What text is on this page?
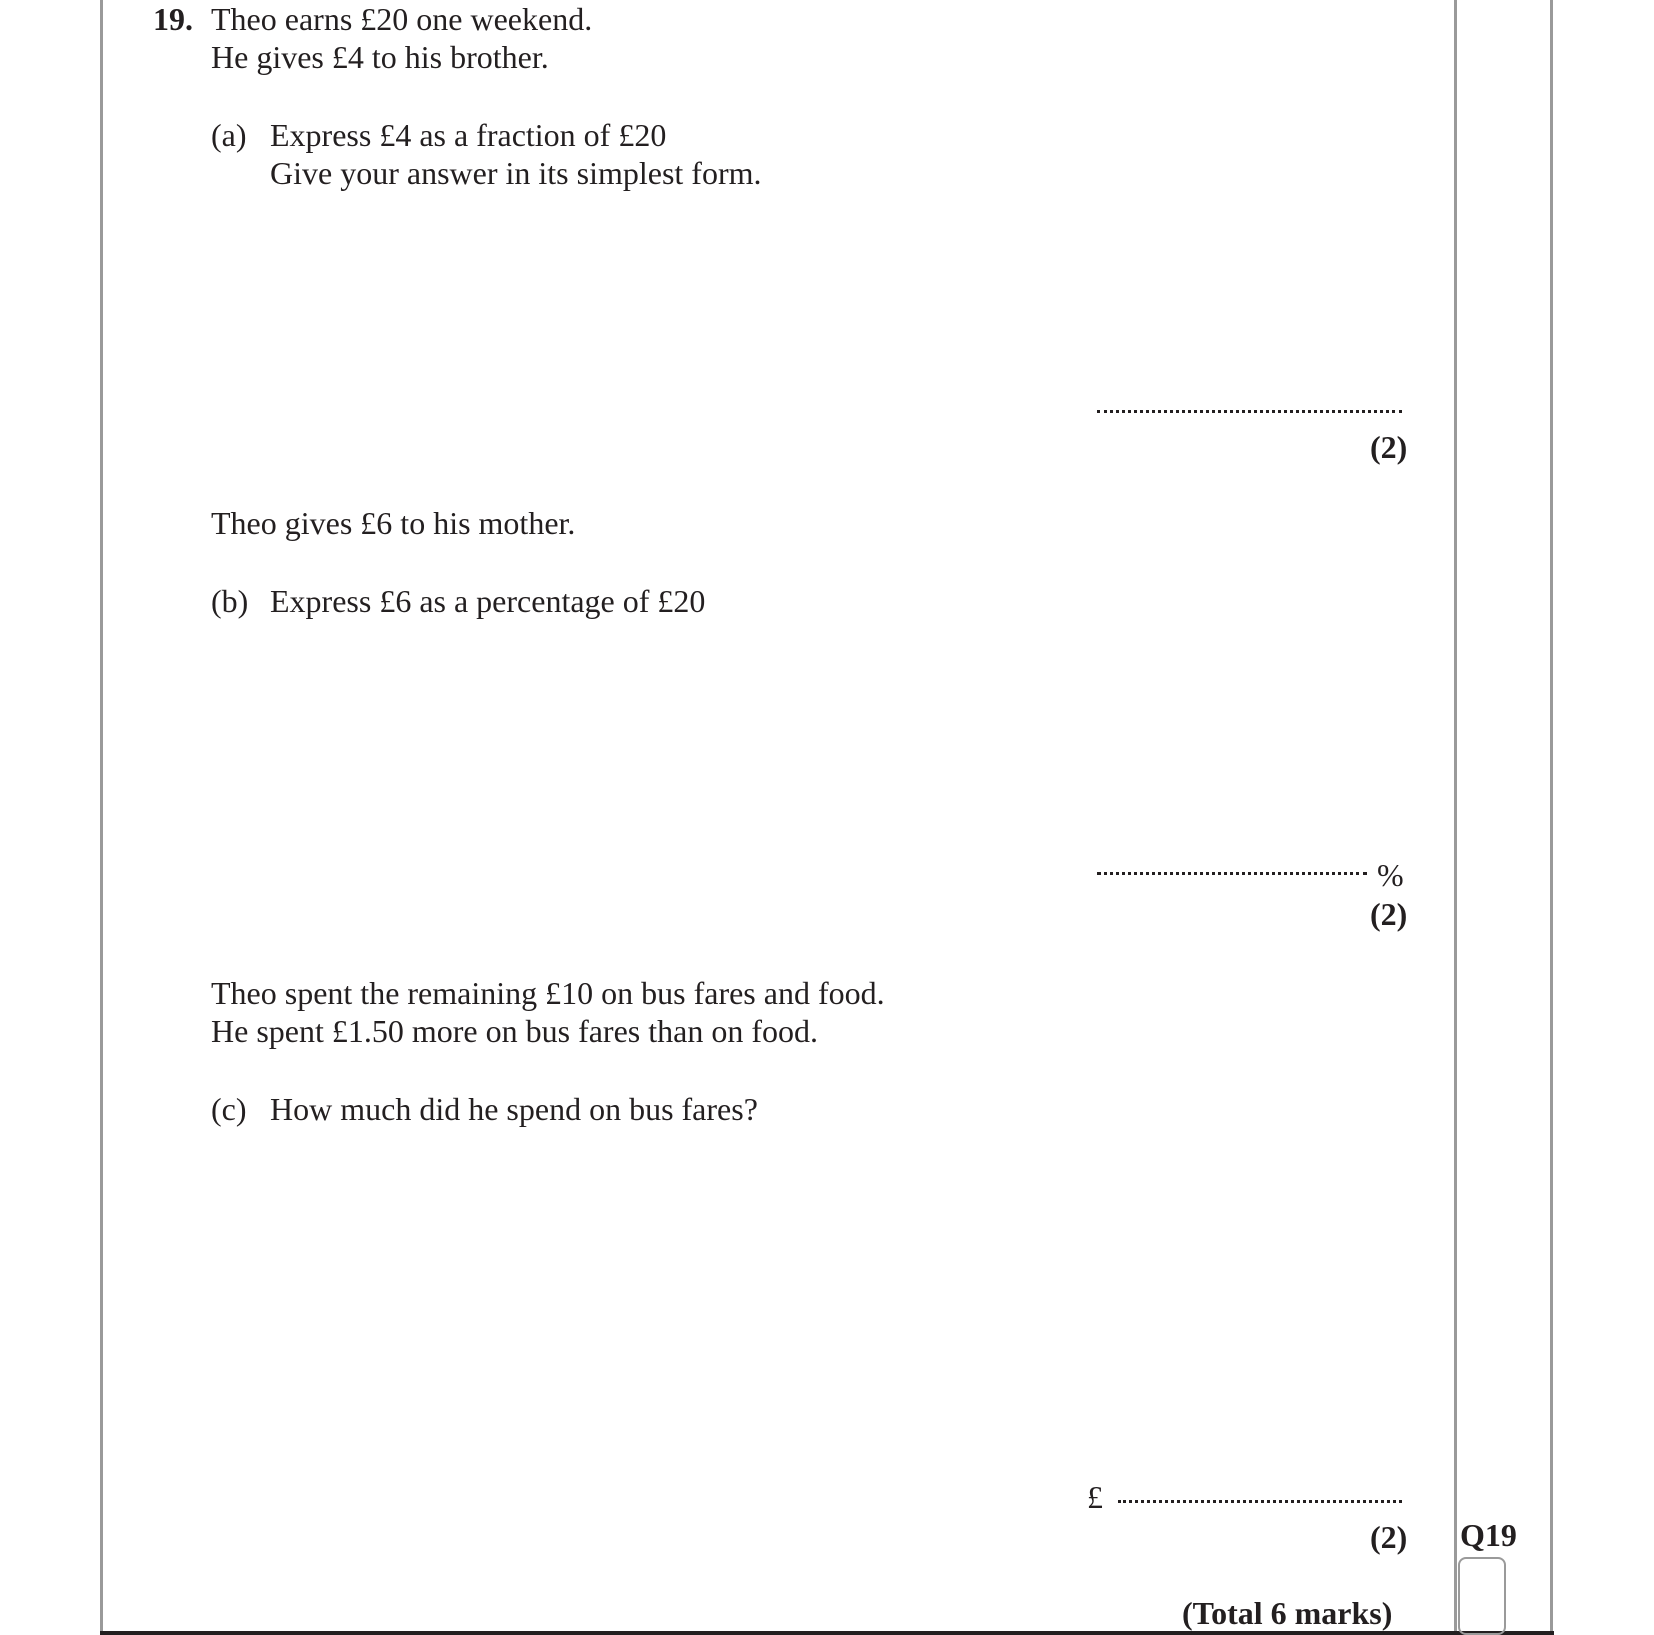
19. Theo earns £20 one weekend.
He gives £4 to his brother.
(a) Express £4 as a fraction of £20
Give your answer in its simplest form.
(2)
Theo gives £6 to his mother.
(b) Express £6 as a percentage of £20
%
(2)
Theo spent the remaining £10 on bus fares and food.
He spent £1.50 more on bus fares than on food.
(c) How much did he spend on bus fares?
£
(2) Q19
(Total 6 marks)
